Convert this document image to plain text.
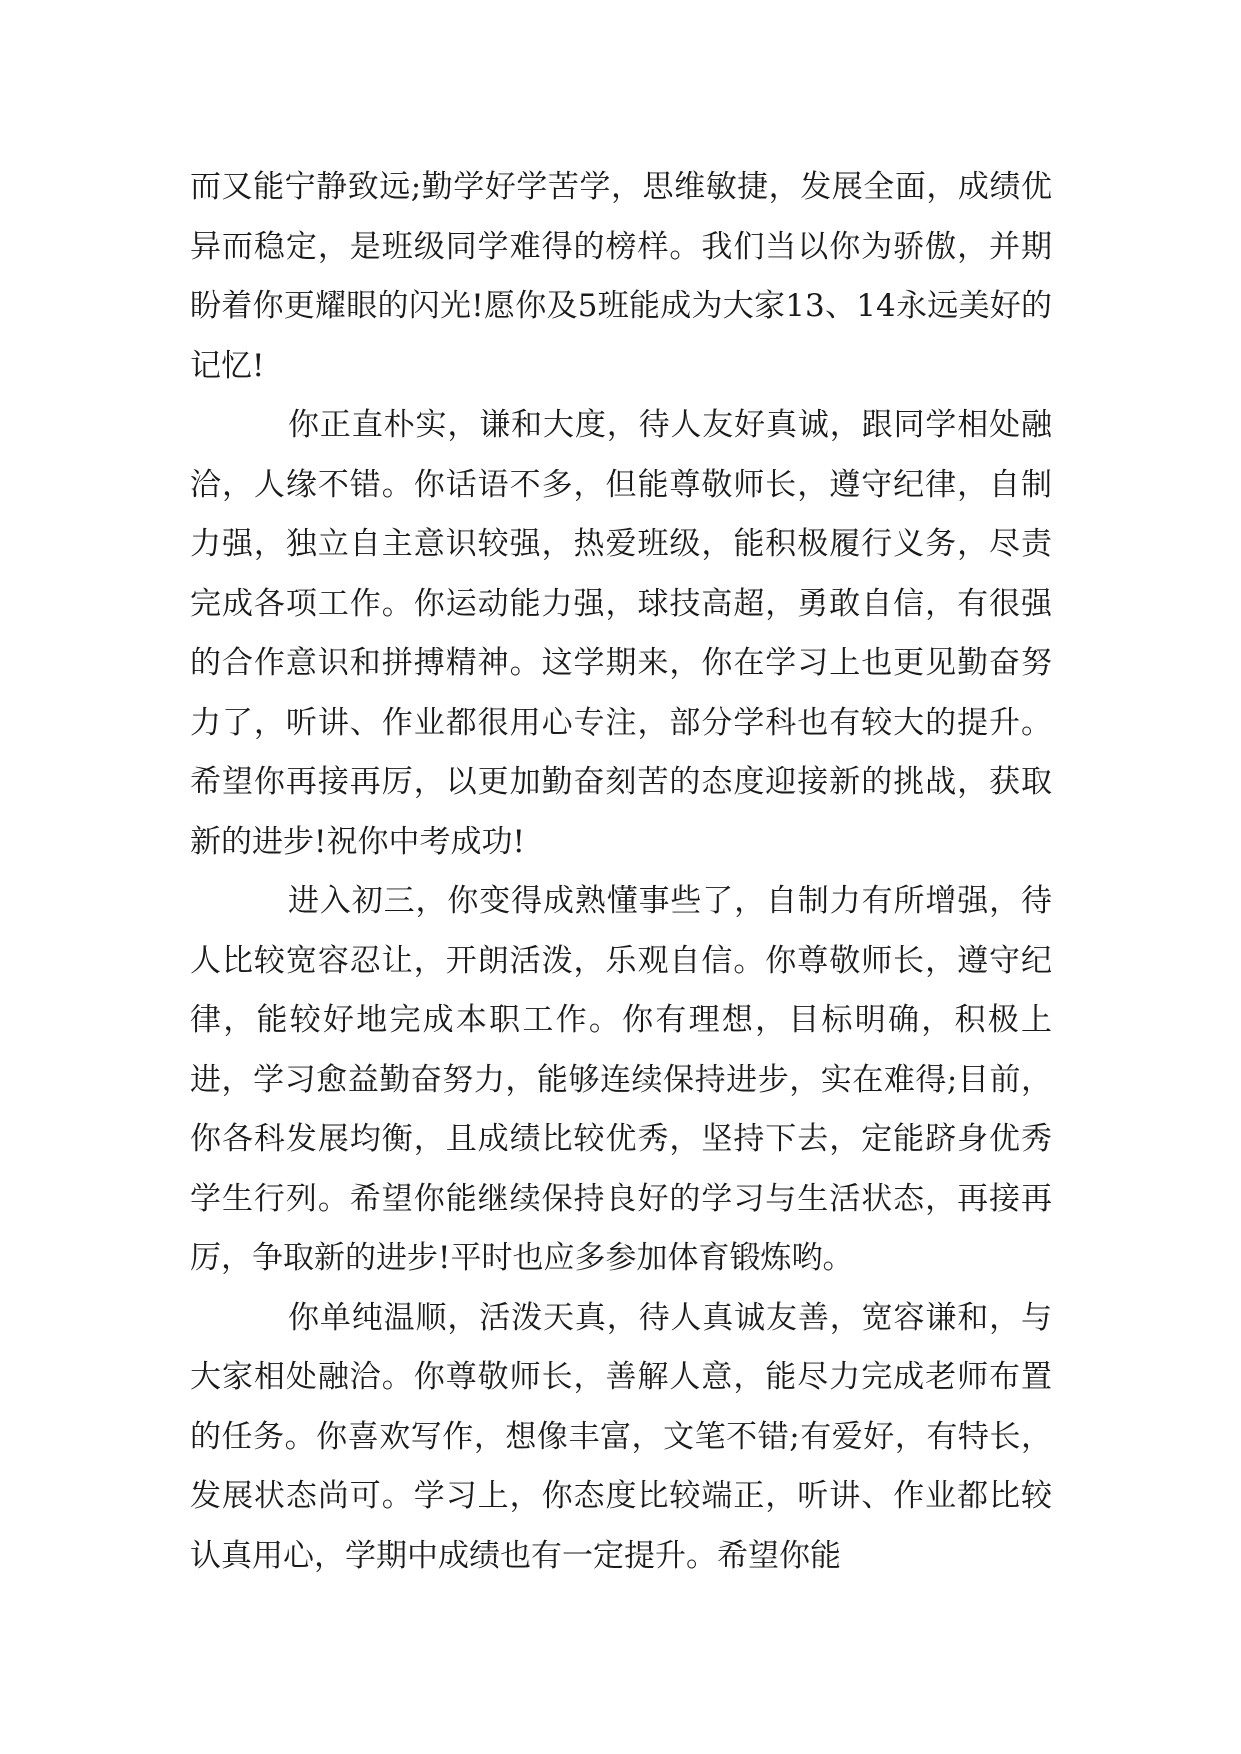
而又能宁静致远;勤学好学苦学，思维敏捷，发展全面，成绩优异而稳定，是班级同学难得的榜样。我们当以你为骄傲，并期盼着你更耀眼的闪光!愿你及5班能成为大家13、14永远美好的记忆!

你正直朴实，谦和大度，待人友好真诚，跟同学相处融洽，人缘不错。你话语不多，但能尊敬师长，遵守纪律，自制力强，独立自主意识较强，热爱班级，能积极履行义务，尽责完成各项工作。你运动能力强，球技高超，勇敢自信，有很强的合作意识和拼搏精神。这学期来，你在学习上也更见勤奋努力了，听讲、作业都很用心专注，部分学科也有较大的提升。希望你再接再厉，以更加勤奋刻苦的态度迎接新的挑战，获取新的进步!祝你中考成功!

进入初三，你变得成熟懂事些了，自制力有所增强，待人比较宽容忍让，开朗活泼，乐观自信。你尊敬师长，遵守纪律，能较好地完成本职工作。你有理想，目标明确，积极上进，学习愈益勤奋努力，能够连续保持进步，实在难得;目前，你各科发展均衡，且成绩比较优秀，坚持下去，定能跻身优秀学生行列。希望你能继续保持良好的学习与生活状态，再接再厉，争取新的进步!平时也应多参加体育锻炼哟。

你单纯温顺，活泼天真，待人真诚友善，宽容谦和，与大家相处融洽。你尊敬师长，善解人意，能尽力完成老师布置的任务。你喜欢写作，想像丰富，文笔不错;有爱好，有特长，发展状态尚可。学习上，你态度比较端正，听讲、作业都比较认真用心，学期中成绩也有一定提升。希望你能
